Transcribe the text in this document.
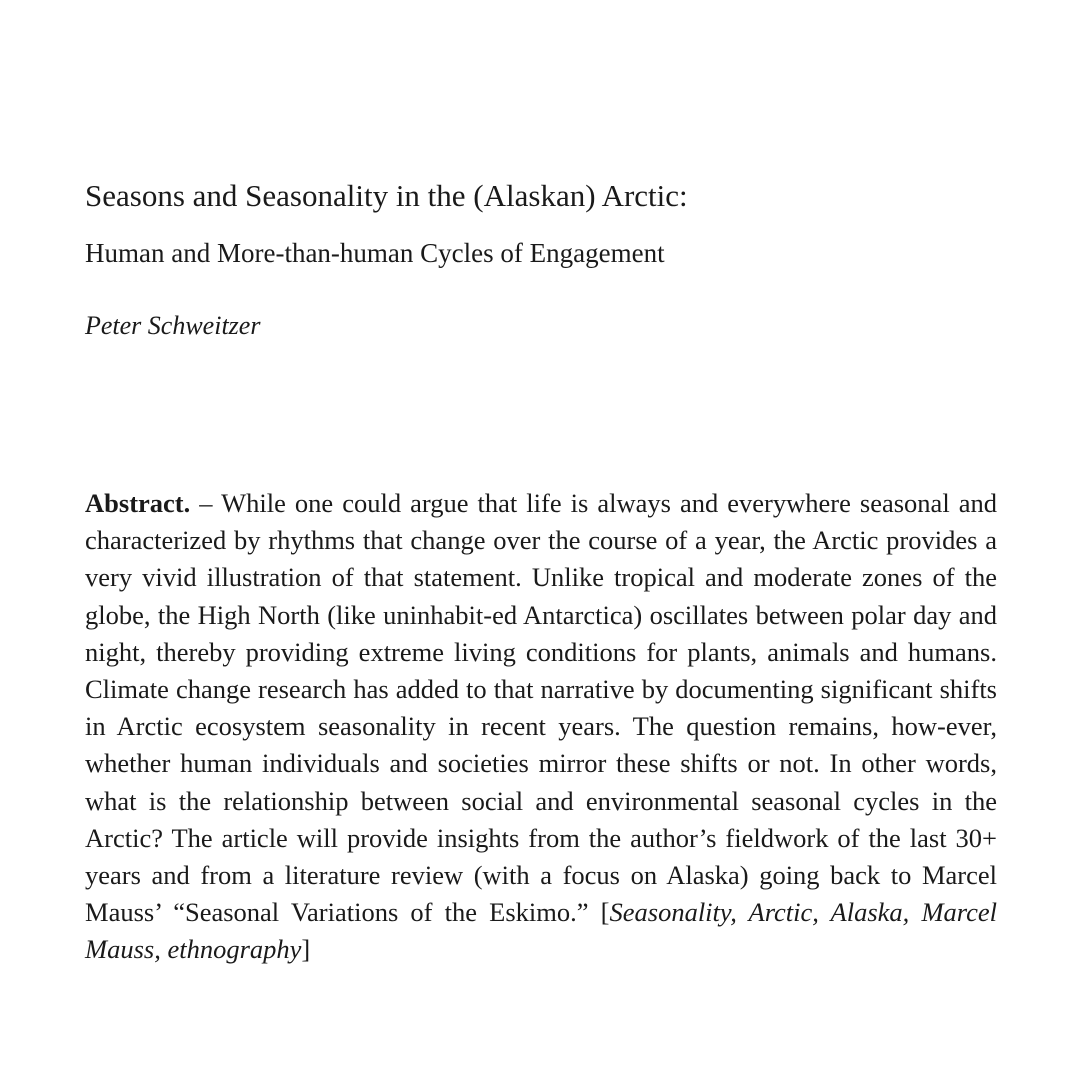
Seasons and Seasonality in the (Alaskan) Arctic:
Human and More-than-human Cycles of Engagement

Peter Schweitzer

Abstract. – While one could argue that life is always and everywhere seasonal and characterized by rhythms that change over the course of a year, the Arctic provides a very vivid illustration of that statement. Unlike tropical and moderate zones of the globe, the High North (like uninhabit-ed Antarctica) oscillates between polar day and night, thereby providing extreme living conditions for plants, animals and humans. Climate change research has added to that narrative by documenting significant shifts in Arctic ecosystem seasonality in recent years. The question remains, how-ever, whether human individuals and societies mirror these shifts or not. In other words, what is the relationship between social and environmental seasonal cycles in the Arctic? The article will provide insights from the author’s fieldwork of the last 30+ years and from a literature review (with a focus on Alaska) going back to Marcel Mauss’ “Seasonal Variations of the Eskimo.” [Seasonality, Arctic, Alaska, Marcel Mauss, ethnography]
